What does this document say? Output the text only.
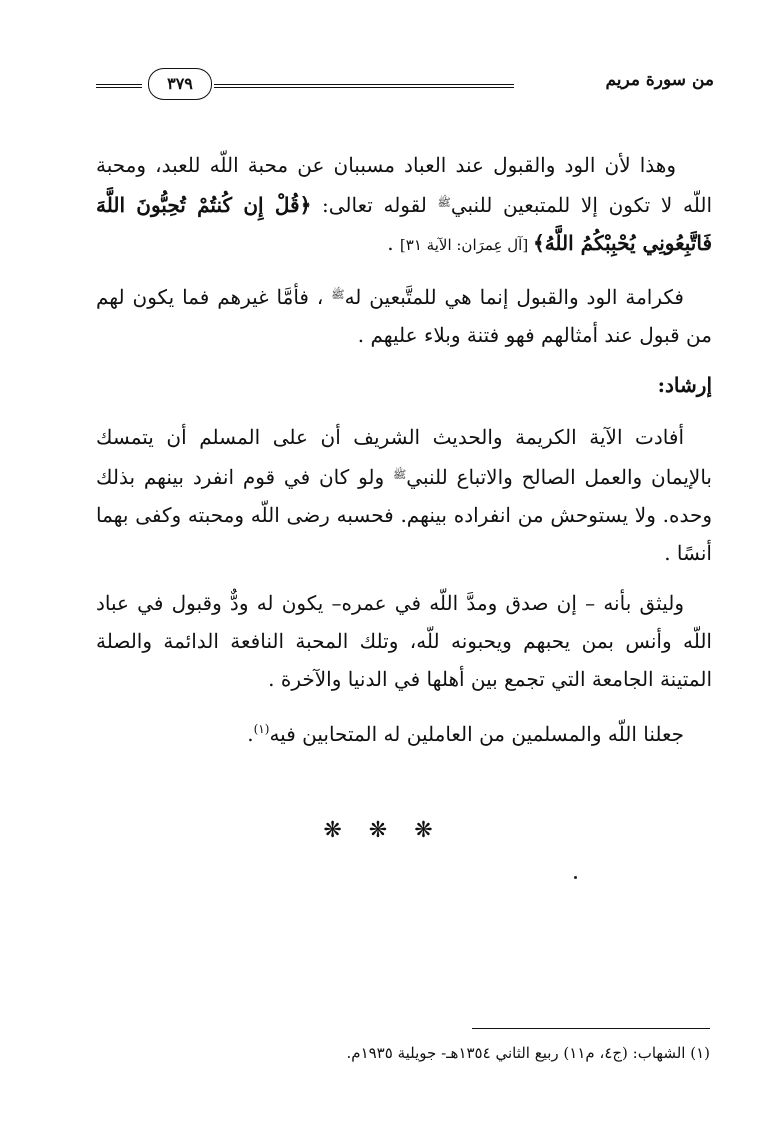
٣٧٩	من سورة مريم

وهذا لأن الود والقبول عند العباد مسببان عن محبة اللّه للعبد، ومحبة اللّه لا تكون إلا للمتبعين للنبي$^ﷺ$ لقوله تعالى: ﴿قُلْ إِن كُنتُمْ تُحِبُّونَ اللَّهَ فَاتَّبِعُونِي يُحْبِبْكُمُ اللَّهُ﴾ [آل عِمرَان: الآية ٣١] .

فكرامة الود والقبول إنما هي للمتَّبعين له$^ﷺ$ ، فأمَّا غيرهم فما يكون لهم من قبول عند أمثالهم فهو فتنة وبلاء عليهم .

إرشاد:

أفادت الآية الكريمة والحديث الشريف أن على المسلم أن يتمسك بالإيمان والعمل الصالح والاتباع للنبي$^ﷺ$ ولو كان في قوم انفرد بينهم بذلك وحده. ولا يستوحش من انفراده بينهم. فحسبه رضى اللّه ومحبته وكفى بهما أنسًا .

وليثق بأنه – إن صدق ومدَّ اللّه في عمره– يكون له ودٌّ وقبول في عباد اللّه وأنس بمن يحبهم ويحبونه للّه، وتلك المحبة النافعة الدائمة والصلة المتينة الجامعة التي تجمع بين أهلها في الدنيا والآخرة .

جعلنا اللّه والمسلمين من العاملين له المتحابين فيه$^{(١)}$.

❋ ❋ ❋
(١) الشهاب: (ج٤، م١١) ربيع الثاني ١٣٥٤هـ- جويلية ١٩٣٥م.
